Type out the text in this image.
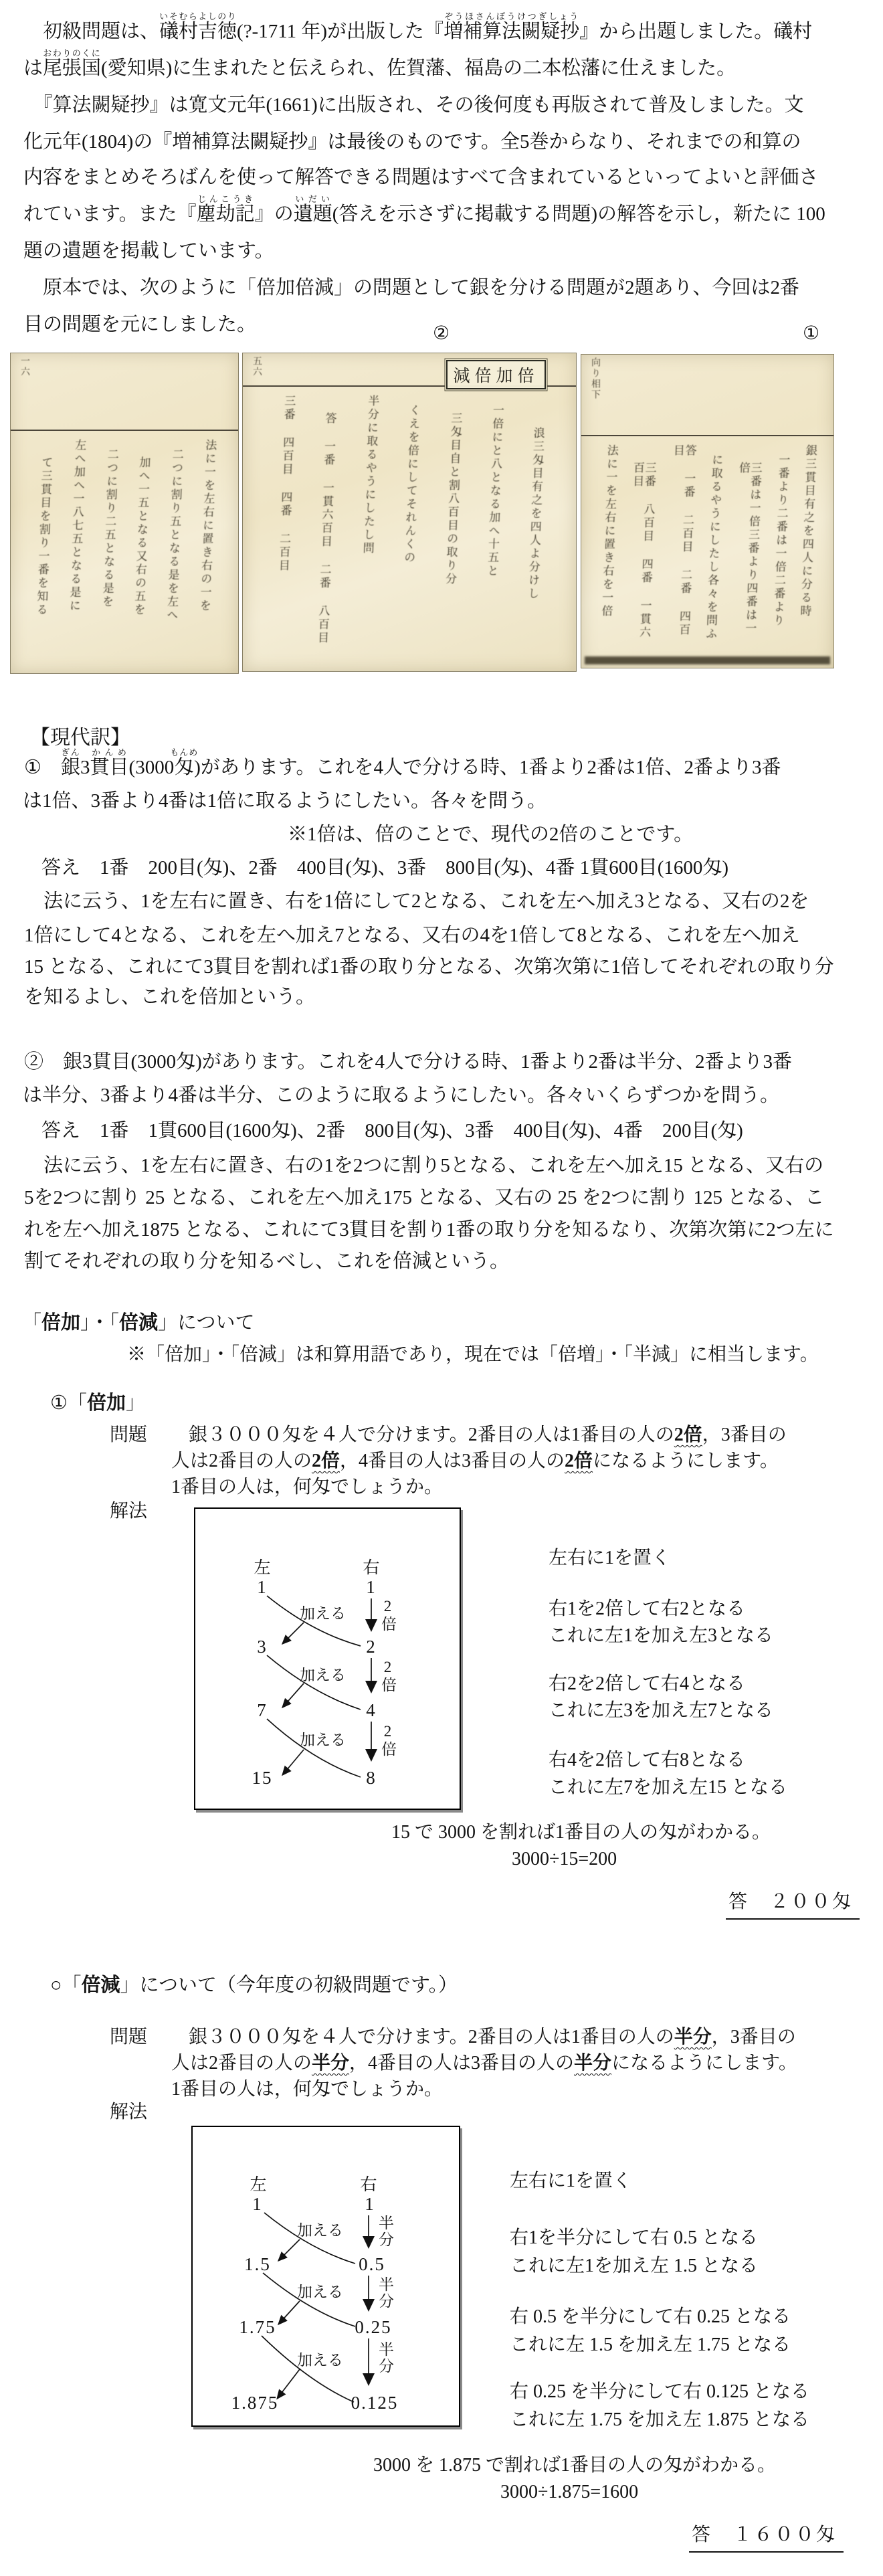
　初級問題は、礒村吉徳いそむらよしのり(?-1711 年)が出版した『増補算法闕疑抄ぞうほさんぼうけつぎしょう』から出題しました。礒村
は尾張国おわりのくに(愛知県)に生まれたと伝えられ、佐賀藩、福島の二本松藩に仕えました。
　『算法闕疑抄』は寛文元年(1661)に出版され、その後何度も再版されて普及しました。文
化元年(1804)の『増補算法闕疑抄』は最後のものです。全5巻からなり、それまでの和算の
内容をまとめそろばんを使って解答できる問題はすべて含まれているといってよいと評価さ
れています。また『塵劫記じんこうき』の遺題いだい(答えを示さずに掲載する問題)の解答を示し，新たに 100
題の遺題を掲載しています。
　原本では、次のように「倍加倍減」の問題として銀を分ける問題が2題あり、今回は2番
目の問題を元にしました。	②	①
一六
法に一を左右に置き右の一を
二つに割り五となる是を左へ
加へ一五となる又右の五を
二つに割り二五となる是を
左へ加へ一八七五となる是に
て三貫目を割り一番を知る
五六	減倍加倍
浪三匁目有之を四人よ分けし
一倍にと八となる加へ十五と
三匁目自と割八百目の取り分
くえを倍にしてそれんくの
半分に取るやうにしたし問
答 一番 一貫六百目 二番 八百目
三番 四百目 四番 二百目
向り相下
銀三貫目有之を四人に分る時
一番より二番は一倍二番より
三番は一倍三番より四番は一倍
に取るやうにしたし各々を問ふ
答 一番 二百目 二番 四百目
三番 八百目 四番 一貫六百目
法に一を左右に置き右を一倍
【現代訳】
①　銀ぎん3貫目かんめ(3000匁もんめ)があります。これを4人で分ける時、1番より2番は1倍、2番より3番
は1倍、3番より4番は1倍に取るようにしたい。各々を問う。
※1倍は、倍のことで、現代の2倍のことです。
答え　1番　200目(匁)、2番　400目(匁)、3番　800目(匁)、4番 1貫600目(1600匁)
　法に云う、1を左右に置き、右を1倍にして2となる、これを左へ加え3となる、又右の2を
1倍にして4となる、これを左へ加え7となる、又右の4を1倍して8となる、これを左へ加え
15 となる、これにて3貫目を割れば1番の取り分となる、次第次第に1倍してそれぞれの取り分
を知るよし、これを倍加という。
②　銀3貫目(3000匁)があります。これを4人で分ける時、1番より2番は半分、2番より3番
は半分、3番より4番は半分、このように取るようにしたい。各々いくらずつかを問う。
答え　1番　1貫600目(1600匁)、2番　800目(匁)、3番　400目(匁)、4番　200目(匁)
　法に云う、1を左右に置き、右の1を2つに割り5となる、これを左へ加え15 となる、又右の
5を2つに割り 25 となる、これを左へ加え175 となる、又右の 25 を2つに割り 125 となる、こ
れを左へ加え1875 となる、これにて3貫目を割り1番の取り分を知るなり、次第次第に2つ左に
割てそれぞれの取り分を知るべし、これを倍減という。
「倍加」・「倍減」について
※「倍加」・「倍減」は和算用語であり，現在では「倍増」・「半減」に相当します。
①「倍加」
問題 銀３０００匁を４人で分けます。2番目の人は1番目の人の2倍，3番目の
人は2番目の人の2倍，4番目の人は3番目の人の2倍になるようにします。
1番目の人は，何匁でしょうか。
解法
左	右
1
3
7
15
1
2
4
8
2倍
2倍
2倍
加える
加える
加える
左右に1を置く
右1を2倍して右2となる
これに左1を加え左3となる
右2を2倍して右4となる
これに左3を加え左7となる
右4を2倍して右8となる
これに左7を加え左15 となる
15 で 3000 を割れば1番目の人の匁がわかる。
3000÷15=200
答　２００匁
○「倍減」について（今年度の初級問題です。）
問題 銀３０００匁を４人で分けます。2番目の人は1番目の人の半分，3番目の
人は2番目の人の半分，4番目の人は3番目の人の半分になるようにします。
1番目の人は，何匁でしょうか。
解法
左	右
1
1.5
1.75
1.875
1
0.5
0.25
0.125
半分
半分
半分
加える
加える
加える
左右に1を置く
右1を半分にして右 0.5 となる
これに左1を加え左 1.5 となる
右 0.5 を半分にして右 0.25 となる
これに左 1.5 を加え左 1.75 となる
右 0.25 を半分にして右 0.125 となる
これに左 1.75 を加え左 1.875 となる
3000 を 1.875 で割れば1番目の人の匁がわかる。
3000÷1.875=1600
答　１６００匁
